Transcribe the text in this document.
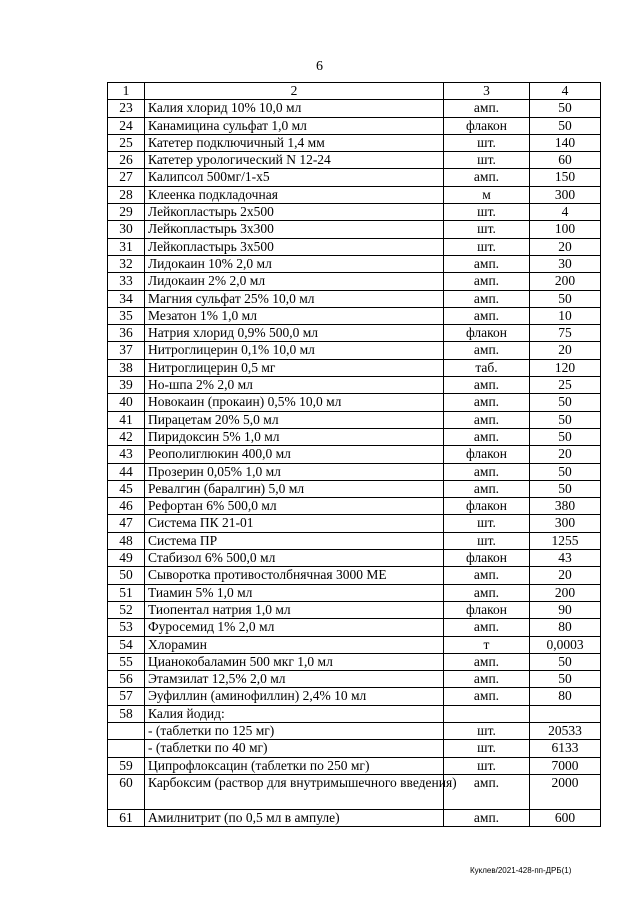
6
1	2	3	4
23	Калия хлорид 10% 10,0 мл	амп.	50
24	Канамицина сульфат 1,0 мл	флакон	50
25	Катетер подключичный 1,4 мм	шт.	140
26	Катетер урологический N 12-24	шт.	60
27	Калипсол 500мг/1-х5	амп.	150
28	Клеенка подкладочная	м	300
29	Лейкопластырь 2х500	шт.	4
30	Лейкопластырь 3х300	шт.	100
31	Лейкопластырь 3х500	шт.	20
32	Лидокаин 10% 2,0 мл	амп.	30
33	Лидокаин 2% 2,0 мл	амп.	200
34	Магния сульфат 25% 10,0 мл	амп.	50
35	Мезатон 1% 1,0 мл	амп.	10
36	Натрия хлорид 0,9% 500,0 мл	флакон	75
37	Нитроглицерин 0,1% 10,0 мл	амп.	20
38	Нитроглицерин 0,5 мг	таб.	120
39	Но-шпа 2% 2,0 мл	амп.	25
40	Новокаин (прокаин) 0,5% 10,0 мл	амп.	50
41	Пирацетам 20% 5,0 мл	амп.	50
42	Пиридоксин 5% 1,0 мл	амп.	50
43	Реополиглюкин 400,0 мл	флакон	20
44	Прозерин 0,05% 1,0 мл	амп.	50
45	Ревалгин (баралгин) 5,0 мл	амп.	50
46	Рефортан 6% 500,0 мл	флакон	380
47	Система ПК 21-01	шт.	300
48	Система ПР	шт.	1255
49	Стабизол 6% 500,0 мл	флакон	43
50	Сыворотка противостолбнячная 3000 МЕ	амп.	20
51	Тиамин 5% 1,0 мл	амп.	200
52	Тиопентал натрия 1,0 мл	флакон	90
53	Фуросемид 1% 2,0 мл	амп.	80
54	Хлорамин	т	0,0003
55	Цианокобаламин 500 мкг 1,0 мл	амп.	50
56	Этамзилат 12,5% 2,0 мл	амп.	50
57	Эуфиллин (аминофиллин) 2,4% 10 мл	амп.	80
58	Калия йодид:		
	- (таблетки по 125 мг)	шт.	20533
	- (таблетки по 40 мг)	шт.	6133
59	Ципрофлоксацин (таблетки по 250 мг)	шт.	7000
60	Карбоксим (раствор для внутримышечного введения)	амп.	2000
61	Амилнитрит (по 0,5 мл в ампуле)	амп.	600
Куклев/2021-428-пп-ДРБ(1)
